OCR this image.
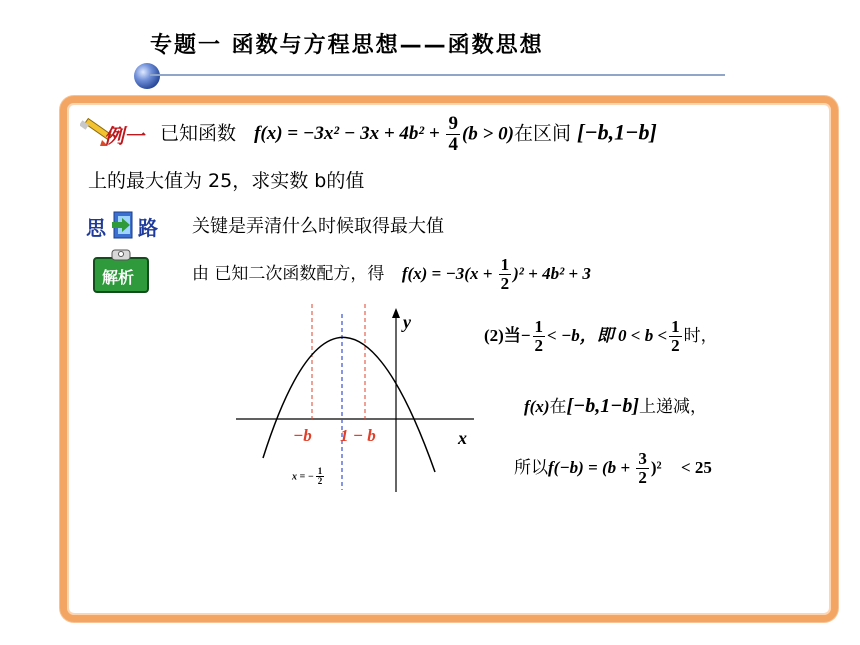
专题一 函数与方程思想——函数思想
例一 已知函数 $f(x) = -3x^2 - 3x + 4b^2 + \frac{9}{4} (b > 0)$在区间 [−b,1−b]
上的最大值为 25，求实数 b的值
思 路 关键是弄清什么时候取得最大值
解析	由 已知二次函数配方，得 $f(x) = -3(x + \frac{1}{2} )^2 + 4b^2 + 3$
y
x
−b 1 − b
x = − $\frac{1}{2}$
(2)当− $\frac{1}{2} < -b$，即 $0 < b < \frac{1}{2}$ 时，
f(x)在[−b,1−b]上递减，
所以$f(-b) = (b + \frac{3}{2} )^2 < 25$
